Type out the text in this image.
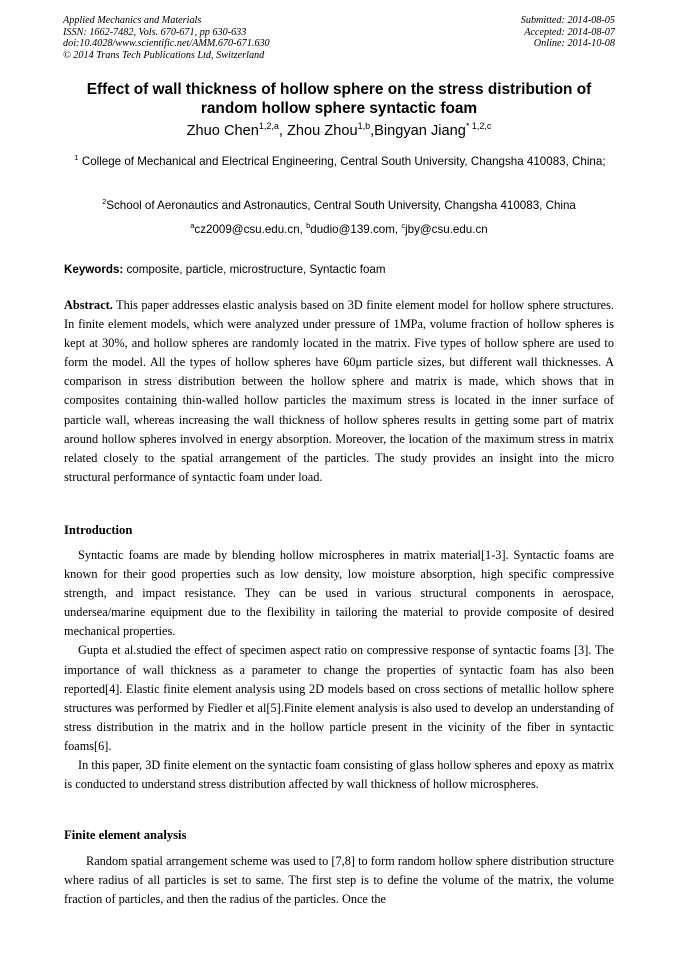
Applied Mechanics and Materials
ISSN: 1662-7482, Vols. 670-671, pp 630-633
doi:10.4028/www.scientific.net/AMM.670-671.630
© 2014 Trans Tech Publications Ltd, Switzerland
Submitted: 2014-08-05
Accepted: 2014-08-07
Online: 2014-10-08
Effect of wall thickness of hollow sphere on the stress distribution of random hollow sphere syntactic foam
Zhuo Chen$^{1,2,a}$, Zhou Zhou$^{1,b}$,Bingyan Jiang$^{* 1,2,c}$
$^1$ College of Mechanical and Electrical Engineering, Central South University, Changsha 410083, China;
$^2$School of Aeronautics and Astronautics, Central South University, Changsha 410083, China
$^a$cz2009@csu.edu.cn, $^b$dudio@139.com, $^c$jby@csu.edu.cn
Keywords: composite, particle, microstructure, Syntactic foam

Abstract. This paper addresses elastic analysis based on 3D finite element model for hollow sphere structures. In finite element models, which were analyzed under pressure of 1MPa, volume fraction of hollow spheres is kept at 30%, and hollow spheres are randomly located in the matrix. Five types of hollow sphere are used to form the model. All the types of hollow spheres have 60μm particle sizes, but different wall thicknesses. A comparison in stress distribution between the hollow sphere and matrix is made, which shows that in composites containing thin-walled hollow particles the maximum stress is located in the inner surface of particle wall, whereas increasing the wall thickness of hollow spheres results in getting some part of matrix around hollow spheres involved in energy absorption. Moreover, the location of the maximum stress in matrix related closely to the spatial arrangement of the particles. The study provides an insight into the micro structural performance of syntactic foam under load.

Introduction

Syntactic foams are made by blending hollow microspheres in matrix material[1-3]. Syntactic foams are known for their good properties such as low density, low moisture absorption, high specific compressive strength, and impact resistance. They can be used in various structural components in aerospace, undersea/marine equipment due to the flexibility in tailoring the material to provide composite of desired mechanical properties.

Gupta et al.studied the effect of specimen aspect ratio on compressive response of syntactic foams [3]. The importance of wall thickness as a parameter to change the properties of syntactic foam has also been reported[4]. Elastic finite element analysis using 2D models based on cross sections of metallic hollow sphere structures was performed by Fiedler et al[5].Finite element analysis is also used to develop an understanding of stress distribution in the matrix and in the hollow particle present in the vicinity of the fiber in syntactic foams[6].

In this paper, 3D finite element on the syntactic foam consisting of glass hollow spheres and epoxy as matrix is conducted to understand stress distribution affected by wall thickness of hollow microspheres.

Finite element analysis

Random spatial arrangement scheme was used to [7,8] to form random hollow sphere distribution structure where radius of all particles is set to same. The first step is to define the volume of the matrix, the volume fraction of particles, and then the radius of the particles. Once the
